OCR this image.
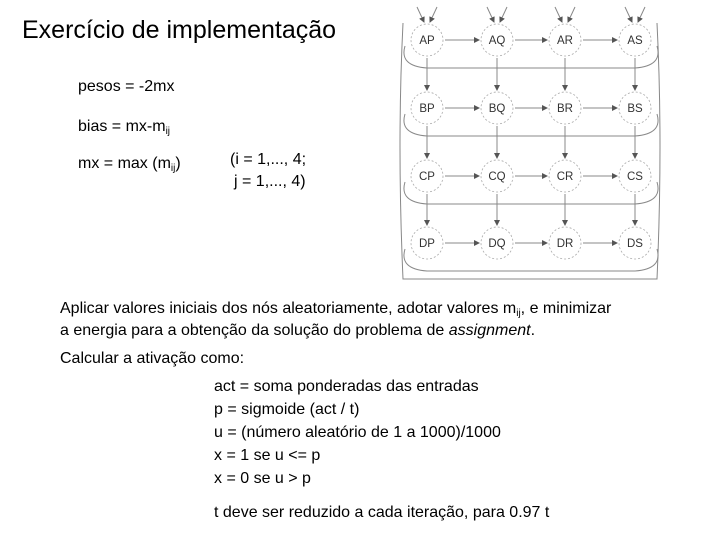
Exercício de implementação
pesos = -2mx
bias = $mx-m_{ij}$
mx = $\max (m_{ij})$	(i = 1,..., 4;
j = 1,..., 4)
AP	AQ	AR	AS
BP	BQ	BR	BS
CP	CQ	CR	CS
DP	DQ	DR	DS
Aplicar valores iniciais dos nós aleatoriamente, adotar valores $m_{ij}$, e minimizar
a energia para a obtenção da solução do problema de assignment.
Calcular a ativação como:
act = soma ponderadas das entradas
p = sigmoide (act / t)
u = (número aleatório de 1 a 1000)/1000
x = 1 se u <= p
x = 0 se u > p
t deve ser reduzido a cada iteração, para 0.97 t
